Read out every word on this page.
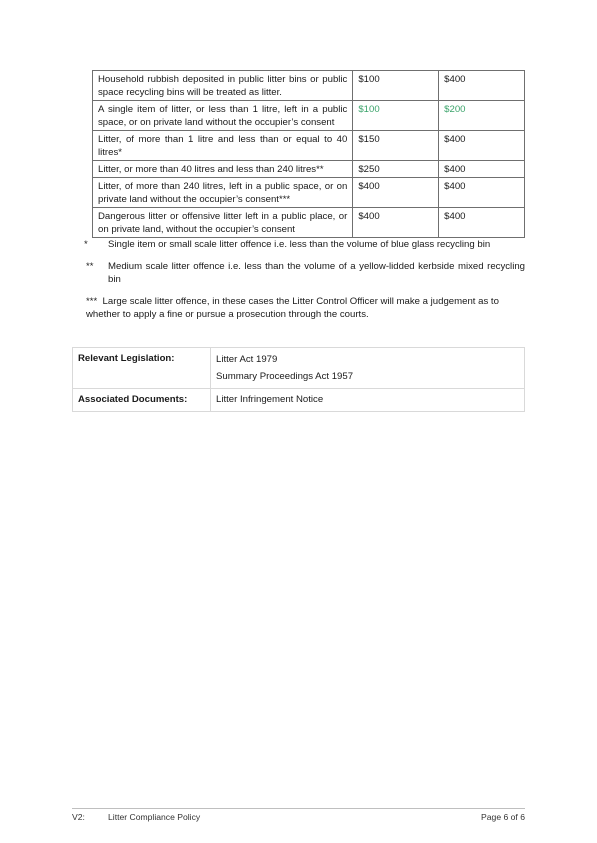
Household rubbish deposited in public litter bins or public space recycling bins will be treated as litter.	$100	$400
A single item of litter, or less than 1 litre, left in a public space, or on private land without the occupier’s consent	$100	$200
Litter, of more than 1 litre and less than or equal to 40 litres*	$150	$400
Litter, or more than 40 litres and less than 240 litres**	$250	$400
Litter, of more than 240 litres, left in a public space, or on private land without the occupier’s consent***	$400	$400
Dangerous litter or offensive litter left in a public place, or on private land, without the occupier’s consent	$400	$400
* Single item or small scale litter offence i.e. less than the volume of blue glass recycling bin
** Medium scale litter offence i.e. less than the volume of a yellow-lidded kerbside mixed recycling bin
*** Large scale litter offence, in these cases the Litter Control Officer will make a judgement as to whether to apply a fine or pursue a prosecution through the courts.
Relevant Legislation:	Litter Act 1979
Summary Proceedings Act 1957

Associated Documents:	Litter Infringement Notice
V2:	Litter Compliance Policy	Page 6 of 6
